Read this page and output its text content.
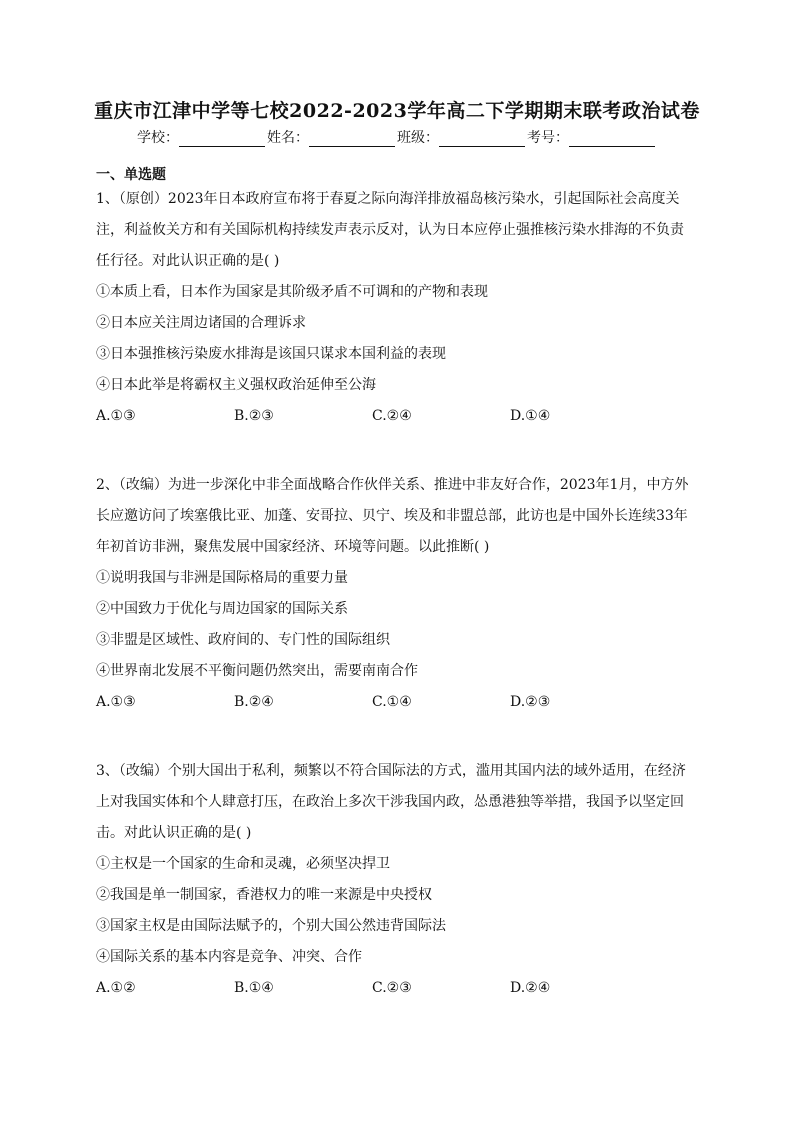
重庆市江津中学等七校2022-2023学年高二下学期期末联考政治试卷
学校：	姓名：	班级：	考号：
一、单选题

1、（原创）2023年日本政府宣布将于春夏之际向海洋排放福岛核污染水，引起国际社会高度关注，利益攸关方和有关国际机构持续发声表示反对，认为日本应停止强推核污染水排海的不负责任行径。对此认识正确的是( )

①本质上看，日本作为国家是其阶级矛盾不可调和的产物和表现
②日本应关注周边诸国的合理诉求
③日本强推核污染废水排海是该国只谋求本国利益的表现
④日本此举是将霸权主义强权政治延伸至公海
A.①③	B.②③	C.②④	D.①④

2、（改编）为进一步深化中非全面战略合作伙伴关系、推进中非友好合作，2023年1月，中方外长应邀访问了埃塞俄比亚、加蓬、安哥拉、贝宁、埃及和非盟总部，此访也是中国外长连续33年年初首访非洲，聚焦发展中国家经济、环境等问题。以此推断( )

①说明我国与非洲是国际格局的重要力量
②中国致力于优化与周边国家的国际关系
③非盟是区域性、政府间的、专门性的国际组织
④世界南北发展不平衡问题仍然突出，需要南南合作
A.①③	B.②④	C.①④	D.②③

3、（改编）个别大国出于私利，频繁以不符合国际法的方式，滥用其国内法的域外适用，在经济上对我国实体和个人肆意打压，在政治上多次干涉我国内政，怂恿港独等举措，我国予以坚定回击。对此认识正确的是( )

①主权是一个国家的生命和灵魂，必须坚决捍卫
②我国是单一制国家，香港权力的唯一来源是中央授权
③国家主权是由国际法赋予的，个别大国公然违背国际法
④国际关系的基本内容是竞争、冲突、合作
A.①②	B.①④	C.②③	D.②④
